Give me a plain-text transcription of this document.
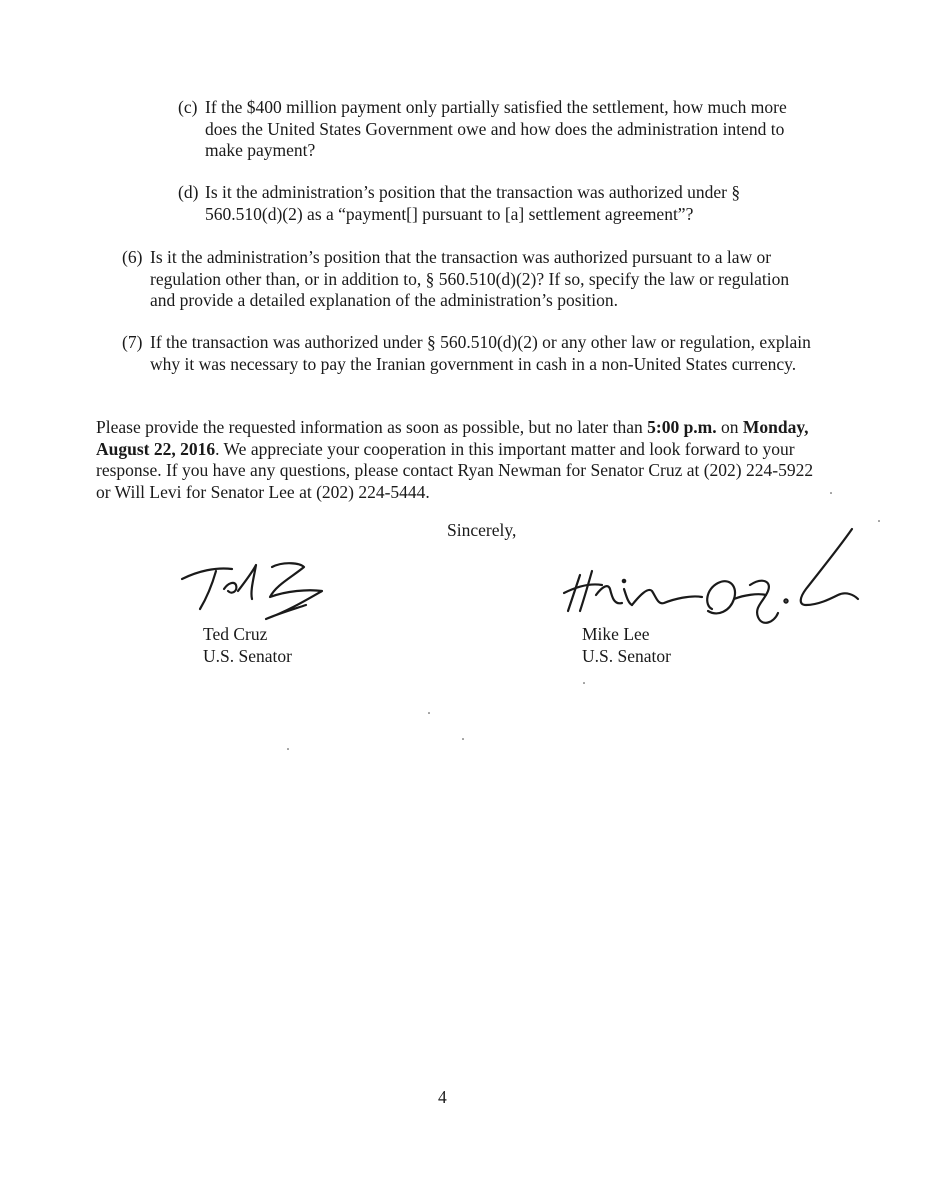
(c) If the $400 million payment only partially satisfied the settlement, how much more does the United States Government owe and how does the administration intend to make payment?
(d) Is it the administration’s position that the transaction was authorized under § 560.510(d)(2) as a “payment[] pursuant to [a] settlement agreement”?
(6) Is it the administration’s position that the transaction was authorized pursuant to a law or regulation other than, or in addition to, § 560.510(d)(2)? If so, specify the law or regulation and provide a detailed explanation of the administration’s position.
(7) If the transaction was authorized under § 560.510(d)(2) or any other law or regulation, explain why it was necessary to pay the Iranian government in cash in a non-United States currency.
Please provide the requested information as soon as possible, but no later than 5:00 p.m. on Monday, August 22, 2016. We appreciate your cooperation in this important matter and look forward to your response. If you have any questions, please contact Ryan Newman for Senator Cruz at (202) 224-5922 or Will Levi for Senator Lee at (202) 224-5444.
Sincerely,
Ted Cruz
U.S. Senator
Mike Lee
U.S. Senator
4
